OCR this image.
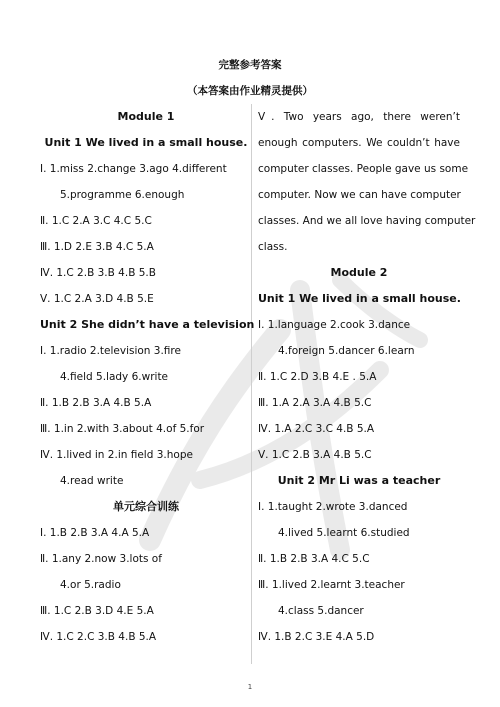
完整参考答案
（本答案由作业精灵提供）
Module 1
Unit 1 We lived in a small house.
Ⅰ. 1.miss 2.change 3.ago 4.different
5.programme 6.enough
Ⅱ. 1.C 2.A 3.C 4.C 5.C
Ⅲ. 1.D 2.E 3.B 4.C 5.A
Ⅳ. 1.C 2.B 3.B 4.B 5.B
Ⅴ. 1.C 2.A 3.D 4.B 5.E
Unit 2 She didn’t have a television
Ⅰ. 1.radio 2.television 3.fire
4.field 5.lady 6.write
Ⅱ. 1.B 2.B 3.A 4.B 5.A
Ⅲ. 1.in 2.with 3.about 4.of 5.for
Ⅳ. 1.lived in 2.in field 3.hope
4.read write
单元综合训练
Ⅰ. 1.B 2.B 3.A 4.A 5.A
Ⅱ. 1.any 2.now 3.lots of
4.or 5.radio
Ⅲ. 1.C 2.B 3.D 4.E 5.A
Ⅳ. 1.C 2.C 3.B 4.B 5.A
Ⅴ. Two years ago, there weren’t
enough computers. We couldn’t have
computer classes. People gave us some
computer. Now we can have computer
classes. And we all love having computer
class.
Module 2
Unit 1 We lived in a small house.
Ⅰ. 1.language 2.cook 3.dance
4.foreign 5.dancer 6.learn
Ⅱ. 1.C 2.D 3.B 4.E . 5.A
Ⅲ. 1.A 2.A 3.A 4.B 5.C
Ⅳ. 1.A 2.C 3.C 4.B 5.A
Ⅴ. 1.C 2.B 3.A 4.B 5.C
Unit 2 Mr Li was a teacher
Ⅰ. 1.taught 2.wrote 3.danced
4.lived 5.learnt 6.studied
Ⅱ. 1.B 2.B 3.A 4.C 5.C
Ⅲ. 1.lived 2.learnt 3.teacher
4.class 5.dancer
Ⅳ. 1.B 2.C 3.E 4.A 5.D
1
